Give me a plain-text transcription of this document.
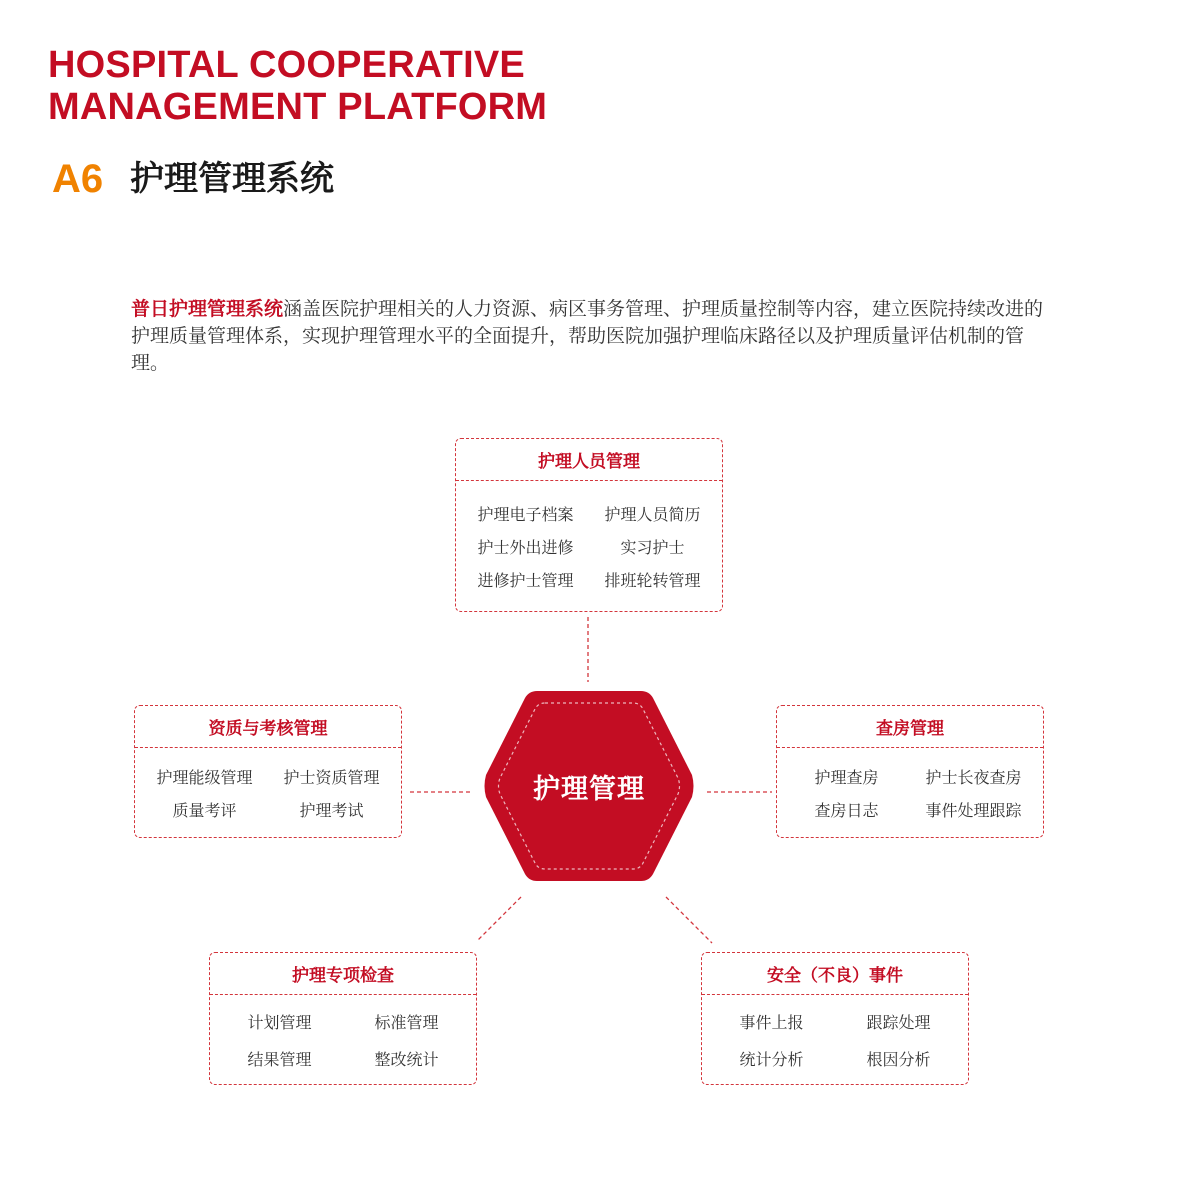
HOSPITAL COOPERATIVE
MANAGEMENT PLATFORM
A6 护理管理系统

普日护理管理系统涵盖医院护理相关的人力资源、病区事务管理、护理质量控制等内容，建立医院持续改进的护理质量管理体系，实现护理管理水平的全面提升，帮助医院加强护理临床路径以及护理质量评估机制的管理。

护理管理
护理人员管理
护理电子档案 护理人员简历
护士外出进修	实习护士
进修护士管理 排班轮转管理
资质与考核管理
护理能级管理 护士资质管理
质量考评	护理考试
查房管理
护理查房	护士长夜查房
查房日志	事件处理跟踪
护理专项检查
计划管理	标准管理
结果管理	整改统计
安全（不良）事件
事件上报	跟踪处理
统计分析	根因分析
